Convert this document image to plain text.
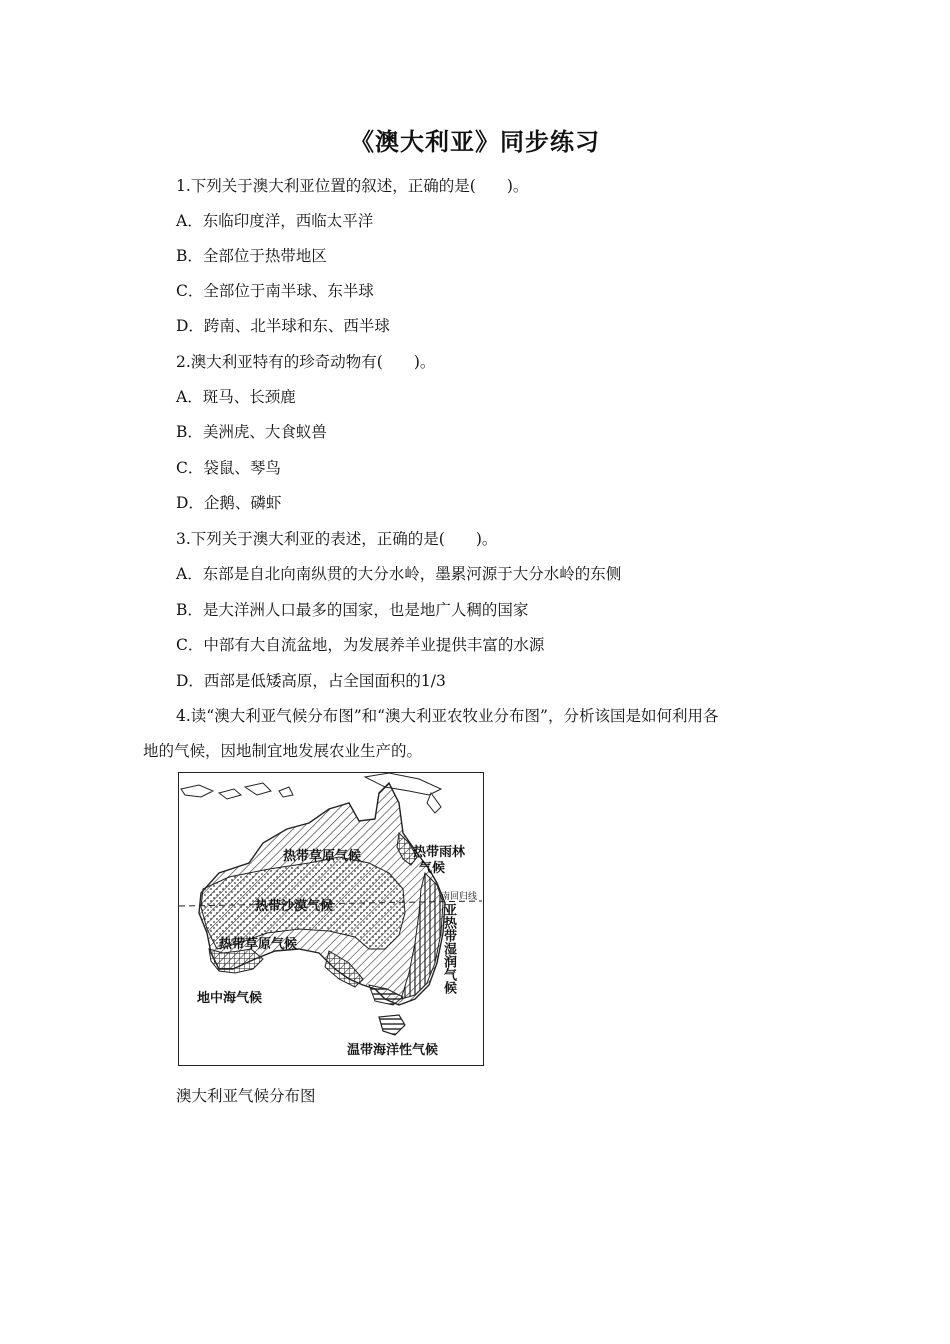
《澳大利亚》同步练习
1.下列关于澳大利亚位置的叙述，正确的是(　　)。
A．东临印度洋，西临太平洋
B．全部位于热带地区
C．全部位于南半球、东半球
D．跨南、北半球和东、西半球
2.澳大利亚特有的珍奇动物有(　　)。
A．斑马、长颈鹿
B．美洲虎、大食蚁兽
C．袋鼠、琴鸟
D．企鹅、磷虾
3.下列关于澳大利亚的表述，正确的是(　　)。
A．东部是自北向南纵贯的大分水岭，墨累河源于大分水岭的东侧
B．是大洋洲人口最多的国家，也是地广人稠的国家
C．中部有大自流盆地，为发展养羊业提供丰富的水源
D．西部是低矮高原，占全国面积的1/3
4.读“澳大利亚气候分布图”和“澳大利亚农牧业分布图”，分析该国是如何利用各
地的气候，因地制宜地发展农业生产的。
热带草原气候	热带雨林
气候
南回归线
热带沙漠气候
热带草原气候	亚热带湿润气候
地中海气候
温带海洋性气候
澳大利亚气候分布图
